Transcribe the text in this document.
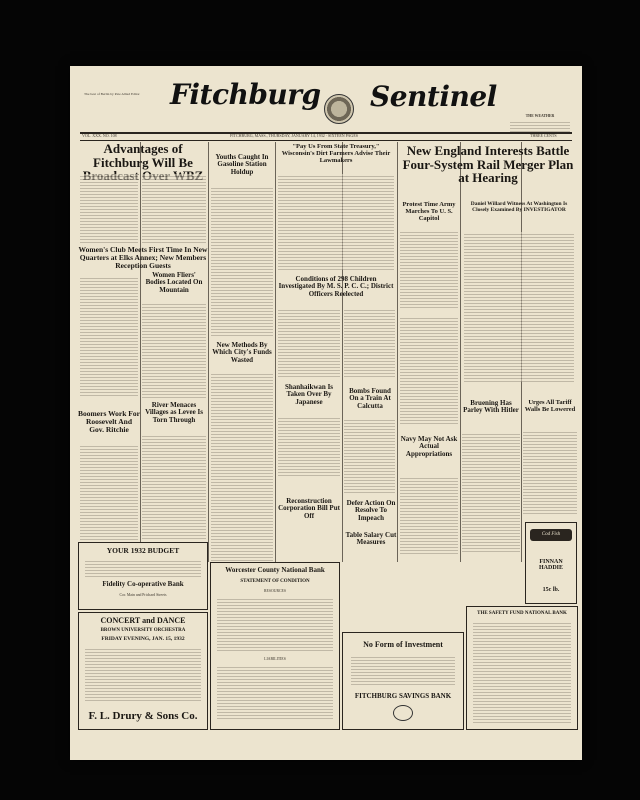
The best of Berlin by Pete Allied Editor Fitchburg Sentinel
THE WEATHER
VOL. XXX. NO. 108	FITCHBURG, MASS., THURSDAY, JANUARY 14, 1932 · SIXTEEN PAGES	THREE CENTS
Advantages of Fitchburg Will Be
Women's Club Meets First Time In New Quarters at Elks Annex; New Members Reception Guests
Women Fliers' Bodies Located On Mountain
River Menaces Villages as Levee Is Torn Through
Boomers Work For Roosevelt And Gov. Ritchie
Youths Caught In Gasoline Station Holdup
New Methods By Which City's Funds Wasted
"Pay Us From State Treasury," Wisconsin's Dirt Farmers Advise Their Lawmakers
Conditions of 298 Children Investigated By M. S. P. C. C.; District Officers Reelected
Shanhaikwan Is Taken Over By Japanese
Reconstruction Corporation Bill Put Off
Bombs Found On a Train At Calcutta
Defer Action On Resolve To Impeach
Table Salary Cut Measures
New England Interests Battle Four-System Rail Merger Plan at Hearing
Protest Time Army Marches To U. S. Capitol
Daniel Willard Witness At Washington Is Closely Examined By INVESTIGATOR
Navy May Not Ask Actual Appropriations
Bruening Has Parley With Hitler
Urges All Tariff Walls Be Lowered
Cod Fish
FINNAN HADDIE
15c lb.
YOUR 1932 BUDGET
Fidelity Co-operative Bank
Cor. Main and Prichard Streets
CONCERT and DANCE
BROWN UNIVERSITY ORCHESTRA
FRIDAY EVENING, JAN. 15, 1932
F. L. Drury & Sons Co.
Worcester County National Bank
STATEMENT OF CONDITION
RESOURCES
LIABILITIES
No Form of Investment
FITCHBURG SAVINGS BANK
THE SAFETY FUND NATIONAL BANK
